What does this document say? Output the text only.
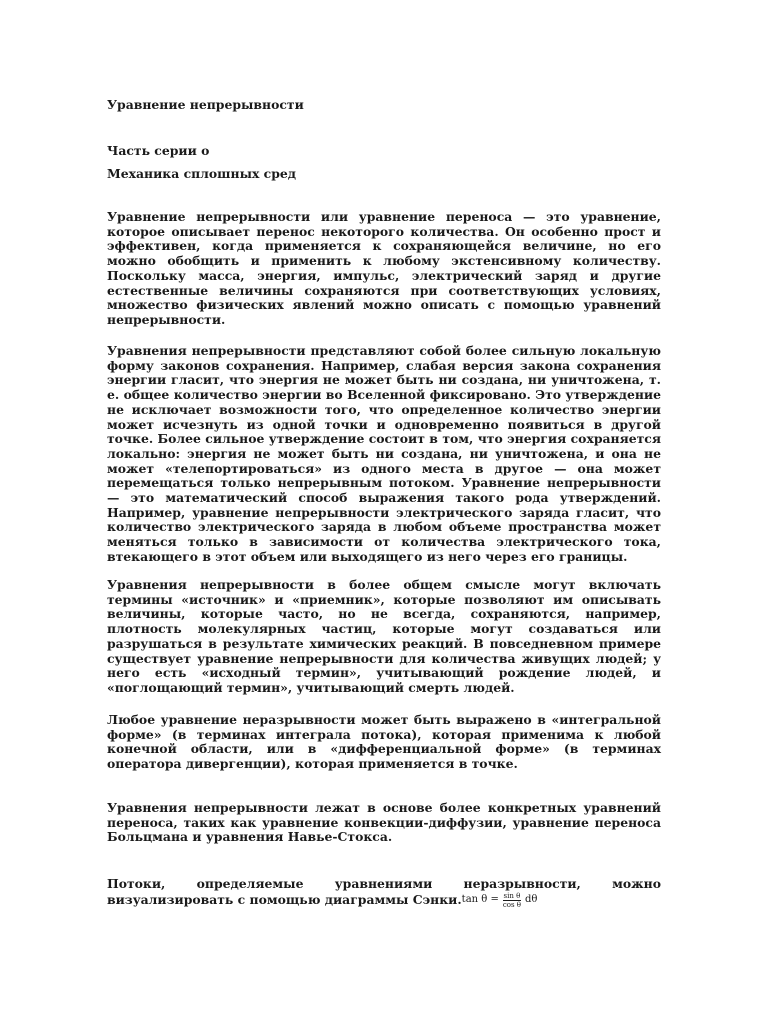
Уравнение непрерывности

Часть серии о

Механика сплошных сред

Уравнение непрерывности или уравнение переноса — это уравнение, которое описывает перенос некоторого количества. Он особенно прост и эффективен, когда применяется к сохраняющейся величине, но его можно обобщить и применить к любому экстенсивному количеству. Поскольку масса, энергия, импульс, электрический заряд и другие естественные величины сохраняются при соответствующих условиях, множество физических явлений можно описать с помощью уравнений непрерывности.

Уравнения непрерывности представляют собой более сильную локальную форму законов сохранения. Например, слабая версия закона сохранения энергии гласит, что энергия не может быть ни создана, ни уничтожена, т. е. общее количество энергии во Вселенной фиксировано. Это утверждение не исключает возможности того, что определенное количество энергии может исчезнуть из одной точки и одновременно появиться в другой точке. Более сильное утверждение состоит в том, что энергия сохраняется локально: энергия не может быть ни создана, ни уничтожена, и она не может «телепортироваться» из одного места в другое — она может перемещаться только непрерывным потоком. Уравнение непрерывности — это математический способ выражения такого рода утверждений. Например, уравнение непрерывности электрического заряда гласит, что количество электрического заряда в любом объеме пространства может меняться только в зависимости от количества электрического тока, втекающего в этот объем или выходящего из него через его границы.

Уравнения непрерывности в более общем смысле могут включать термины «источник» и «приемник», которые позволяют им описывать величины, которые часто, но не всегда, сохраняются, например, плотность молекулярных частиц, которые могут создаваться или разрушаться в результате химических реакций. В повседневном примере существует уравнение непрерывности для количества живущих людей; у него есть «исходный термин», учитывающий рождение людей, и «поглощающий термин», учитывающий смерть людей.

Любое уравнение неразрывности может быть выражено в «интегральной форме» (в терминах интеграла потока), которая применима к любой конечной области, или в «дифференциальной форме» (в терминах оператора дивергенции), которая применяется в точке.

Уравнения непрерывности лежат в основе более конкретных уравнений переноса, таких как уравнение конвекции-диффузии, уравнение переноса Больцмана и уравнения Навье-Стокса.

Потоки, определяемые уравнениями неразрывности, можно визуализировать с помощью диаграммы Сэнки. $\tan \theta = \frac{\text{sin θ}}{\text{cos θ}}$ dθ
